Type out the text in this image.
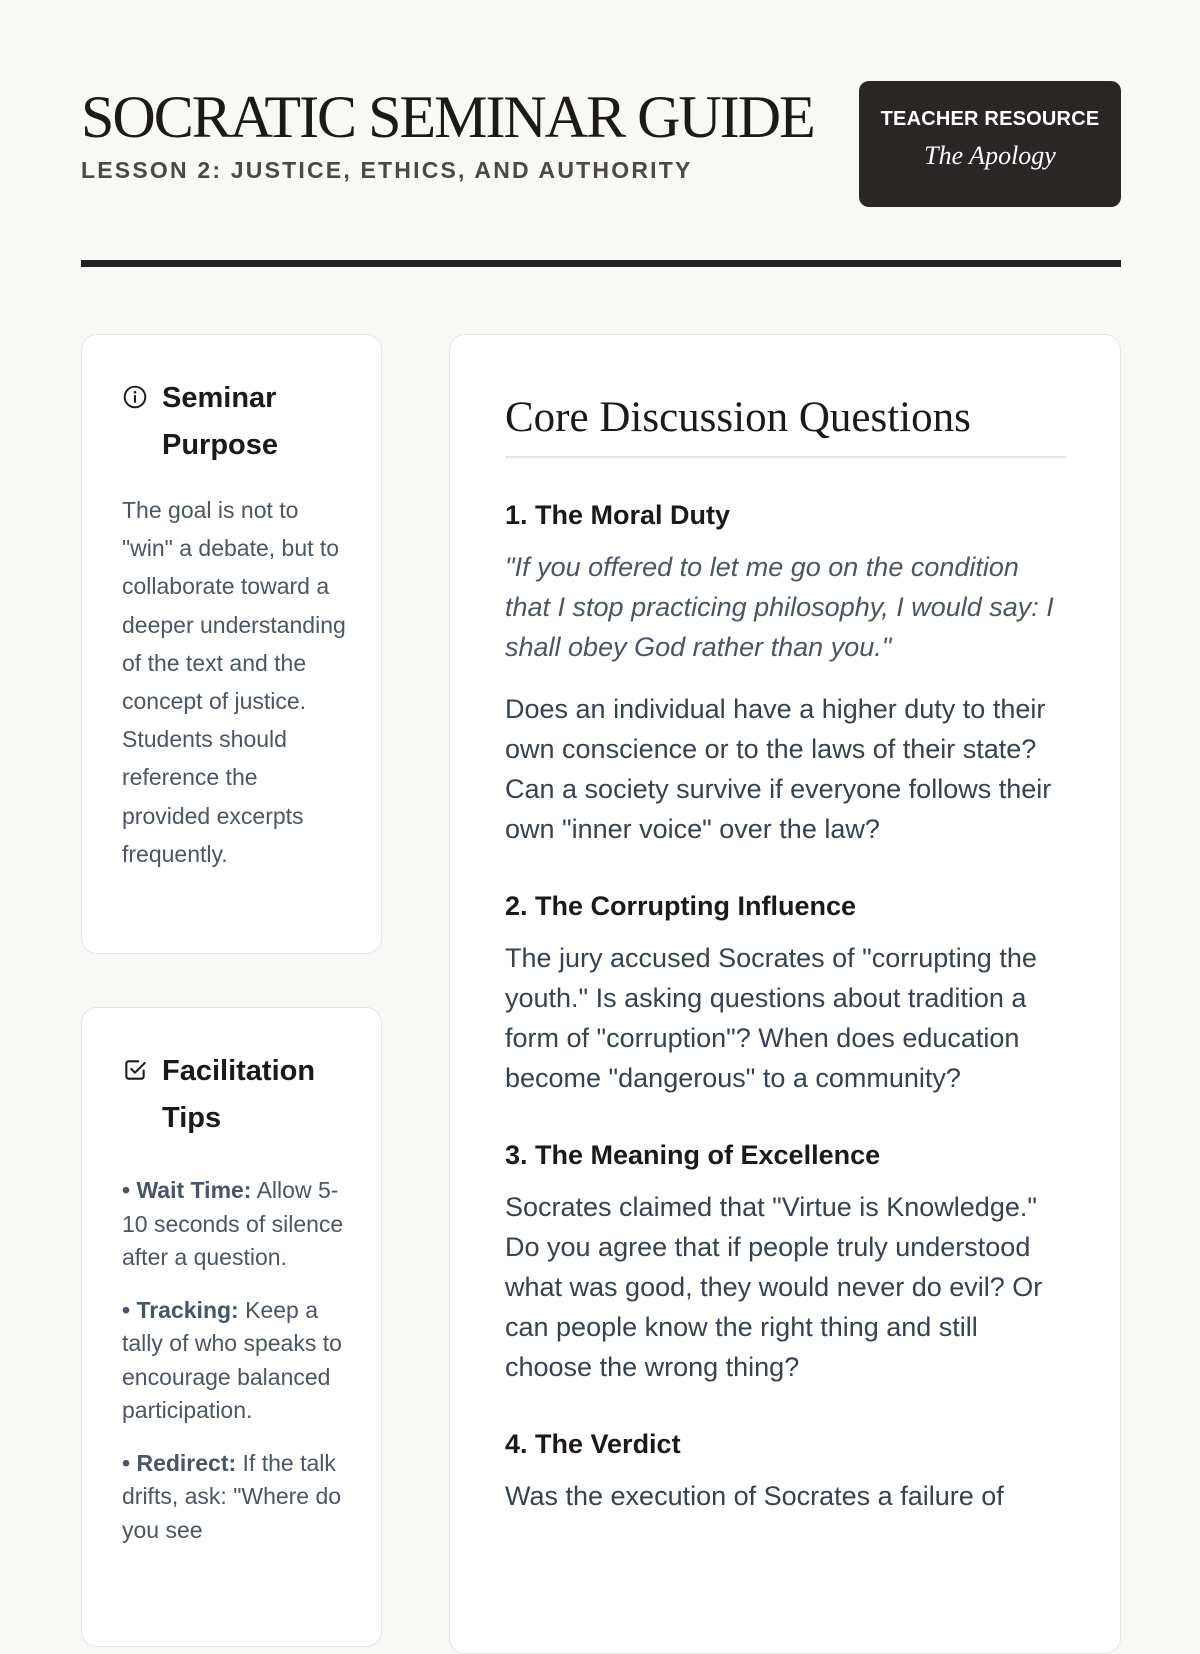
SOCRATIC SEMINAR GUIDE
LESSON 2: JUSTICE, ETHICS, AND AUTHORITY
TEACHER RESOURCE
The Apology
Seminar Purpose

The goal is not to "win" a debate, but to collaborate toward a deeper understanding of the text and the concept of justice. Students should reference the provided excerpts frequently.

Facilitation Tips
• Wait Time: Allow 5-10 seconds of silence after a question.
• Tracking: Keep a tally of who speaks to encourage balanced participation.
• Redirect: If the talk drifts, ask: "Where do you see
Core Discussion Questions
1. The Moral Duty

"If you offered to let me go on the condition that I stop practicing philosophy, I would say: I shall obey God rather than you."

Does an individual have a higher duty to their own conscience or to the laws of their state? Can a society survive if everyone follows their own "inner voice" over the law?

2. The Corrupting Influence

The jury accused Socrates of "corrupting the youth." Is asking questions about tradition a form of "corruption"? When does education become "dangerous" to a community?

3. The Meaning of Excellence

Socrates claimed that "Virtue is Knowledge." Do you agree that if people truly understood what was good, they would never do evil? Or can people know the right thing and still choose the wrong thing?

4. The Verdict

Was the execution of Socrates a failure of
